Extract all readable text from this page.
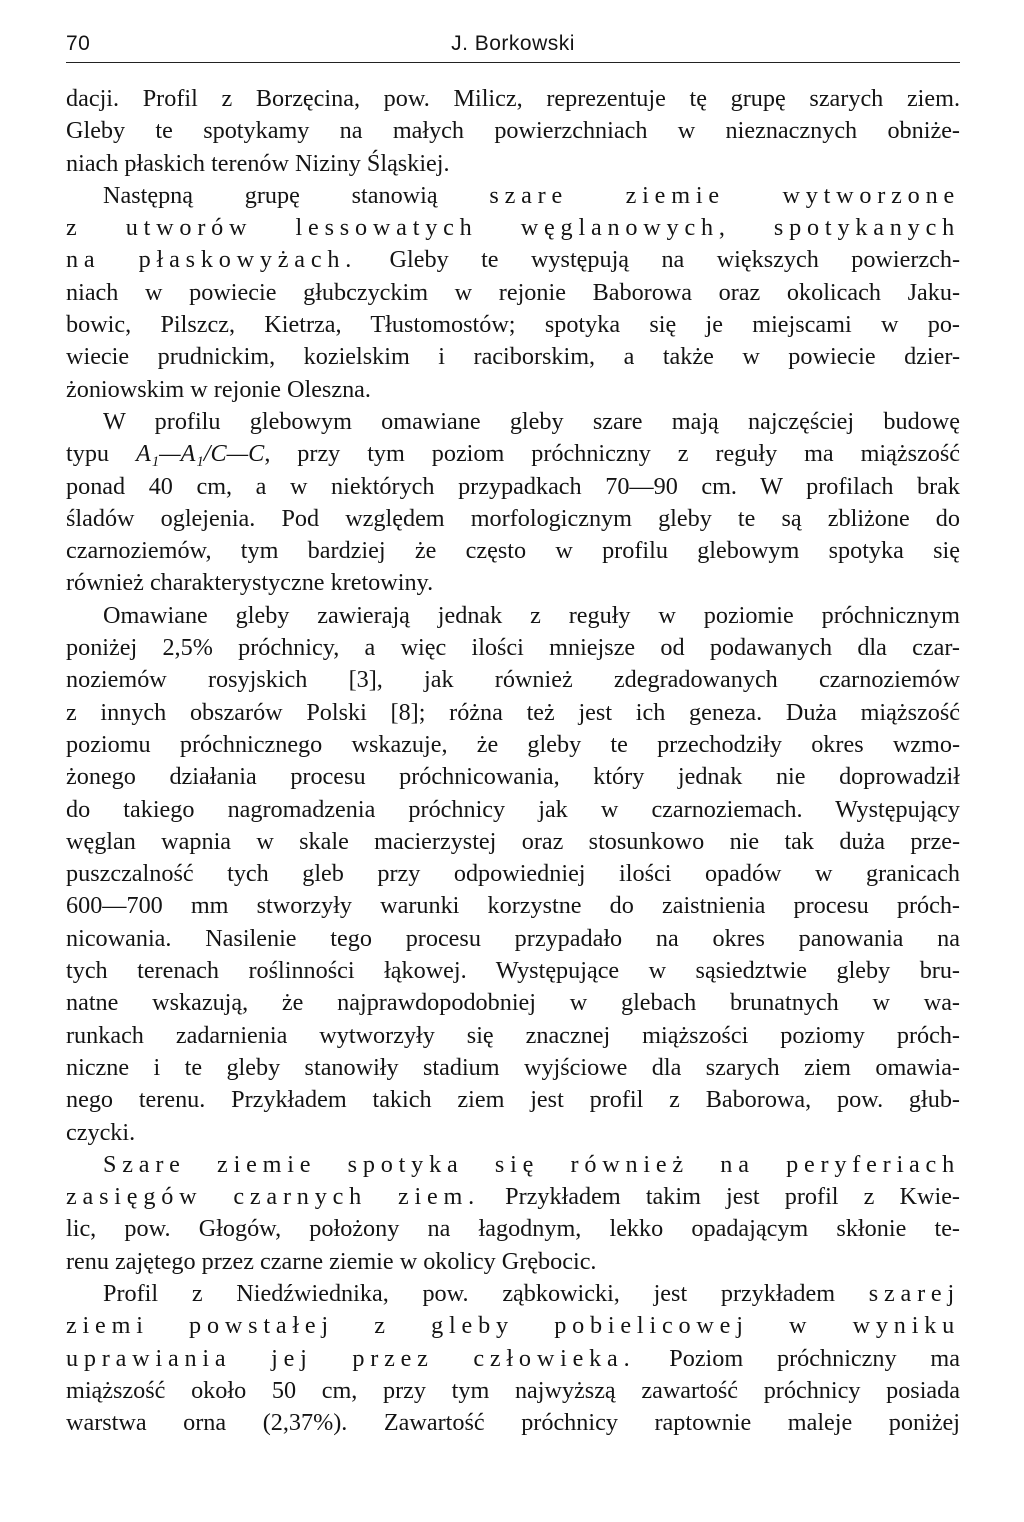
70	J. Borkowski
dacji. Profil z Borzęcina, pow. Milicz, reprezentuje tę grupę szarych ziem.
Gleby te spotykamy na małych powierzchniach w nieznacznych obniże-
niach płaskich terenów Niziny Śląskiej.
Następną grupę stanowią szare ziemie wytworzone
z utworów lessowatych węglanowych, spotykanych
na płaskowyżach. Gleby te występują na większych powierzch-
niach w powiecie głubczyckim w rejonie Baborowa oraz okolicach Jaku-
bowic, Pilszcz, Kietrza, Tłustomostów; spotyka się je miejscami w po-
wiecie prudnickim, kozielskim i raciborskim, a także w powiecie dzier-
żoniowskim w rejonie Oleszna.
W profilu glebowym omawiane gleby szare mają najczęściej budowę
typu A₁—A₁/C—C, przy tym poziom próchniczny z reguły ma miąższość
ponad 40 cm, a w niektórych przypadkach 70—90 cm. W profilach brak
śladów oglejenia. Pod względem morfologicznym gleby te są zbliżone do
czarnoziemów, tym bardziej że często w profilu glebowym spotyka się
również charakterystyczne kretowiny.
Omawiane gleby zawierają jednak z reguły w poziomie próchnicznym
poniżej 2,5% próchnicy, a więc ilości mniejsze od podawanych dla czar-
noziemów rosyjskich [3], jak również zdegradowanych czarnoziemów
z innych obszarów Polski [8]; różna też jest ich geneza. Duża miąższość
poziomu próchnicznego wskazuje, że gleby te przechodziły okres wzmo-
żonego działania procesu próchnicowania, który jednak nie doprowadził
do takiego nagromadzenia próchnicy jak w czarnoziemach. Występujący
węglan wapnia w skale macierzystej oraz stosunkowo nie tak duża prze-
puszczalność tych gleb przy odpowiedniej ilości opadów w granicach
600—700 mm stworzyły warunki korzystne do zaistnienia procesu próch-
nicowania. Nasilenie tego procesu przypadało na okres panowania na
tych terenach roślinności łąkowej. Występujące w sąsiedztwie gleby bru-
natne wskazują, że najprawdopodobniej w glebach brunatnych w wa-
runkach zadarnienia wytworzyły się znacznej miąższości poziomy próch-
niczne i te gleby stanowiły stadium wyjściowe dla szarych ziem omawia-
nego terenu. Przykładem takich ziem jest profil z Baborowa, pow. głub-
czycki.
Szare ziemie spotyka się również na peryferiach
zasięgów czarnych ziem. Przykładem takim jest profil z Kwie-
lic, pow. Głogów, położony na łagodnym, lekko opadającym skłonie te-
renu zajętego przez czarne ziemie w okolicy Grębocic.
Profil z Niedźwiednika, pow. ząbkowicki, jest przykładem szarej
ziemi powstałej z gleby pobielicowej w wyniku
uprawiania jej przez człowieka. Poziom próchniczny ma
miąższość około 50 cm, przy tym najwyższą zawartość próchnicy posiada
warstwa orna (2,37%). Zawartość próchnicy raptownie maleje poniżej
